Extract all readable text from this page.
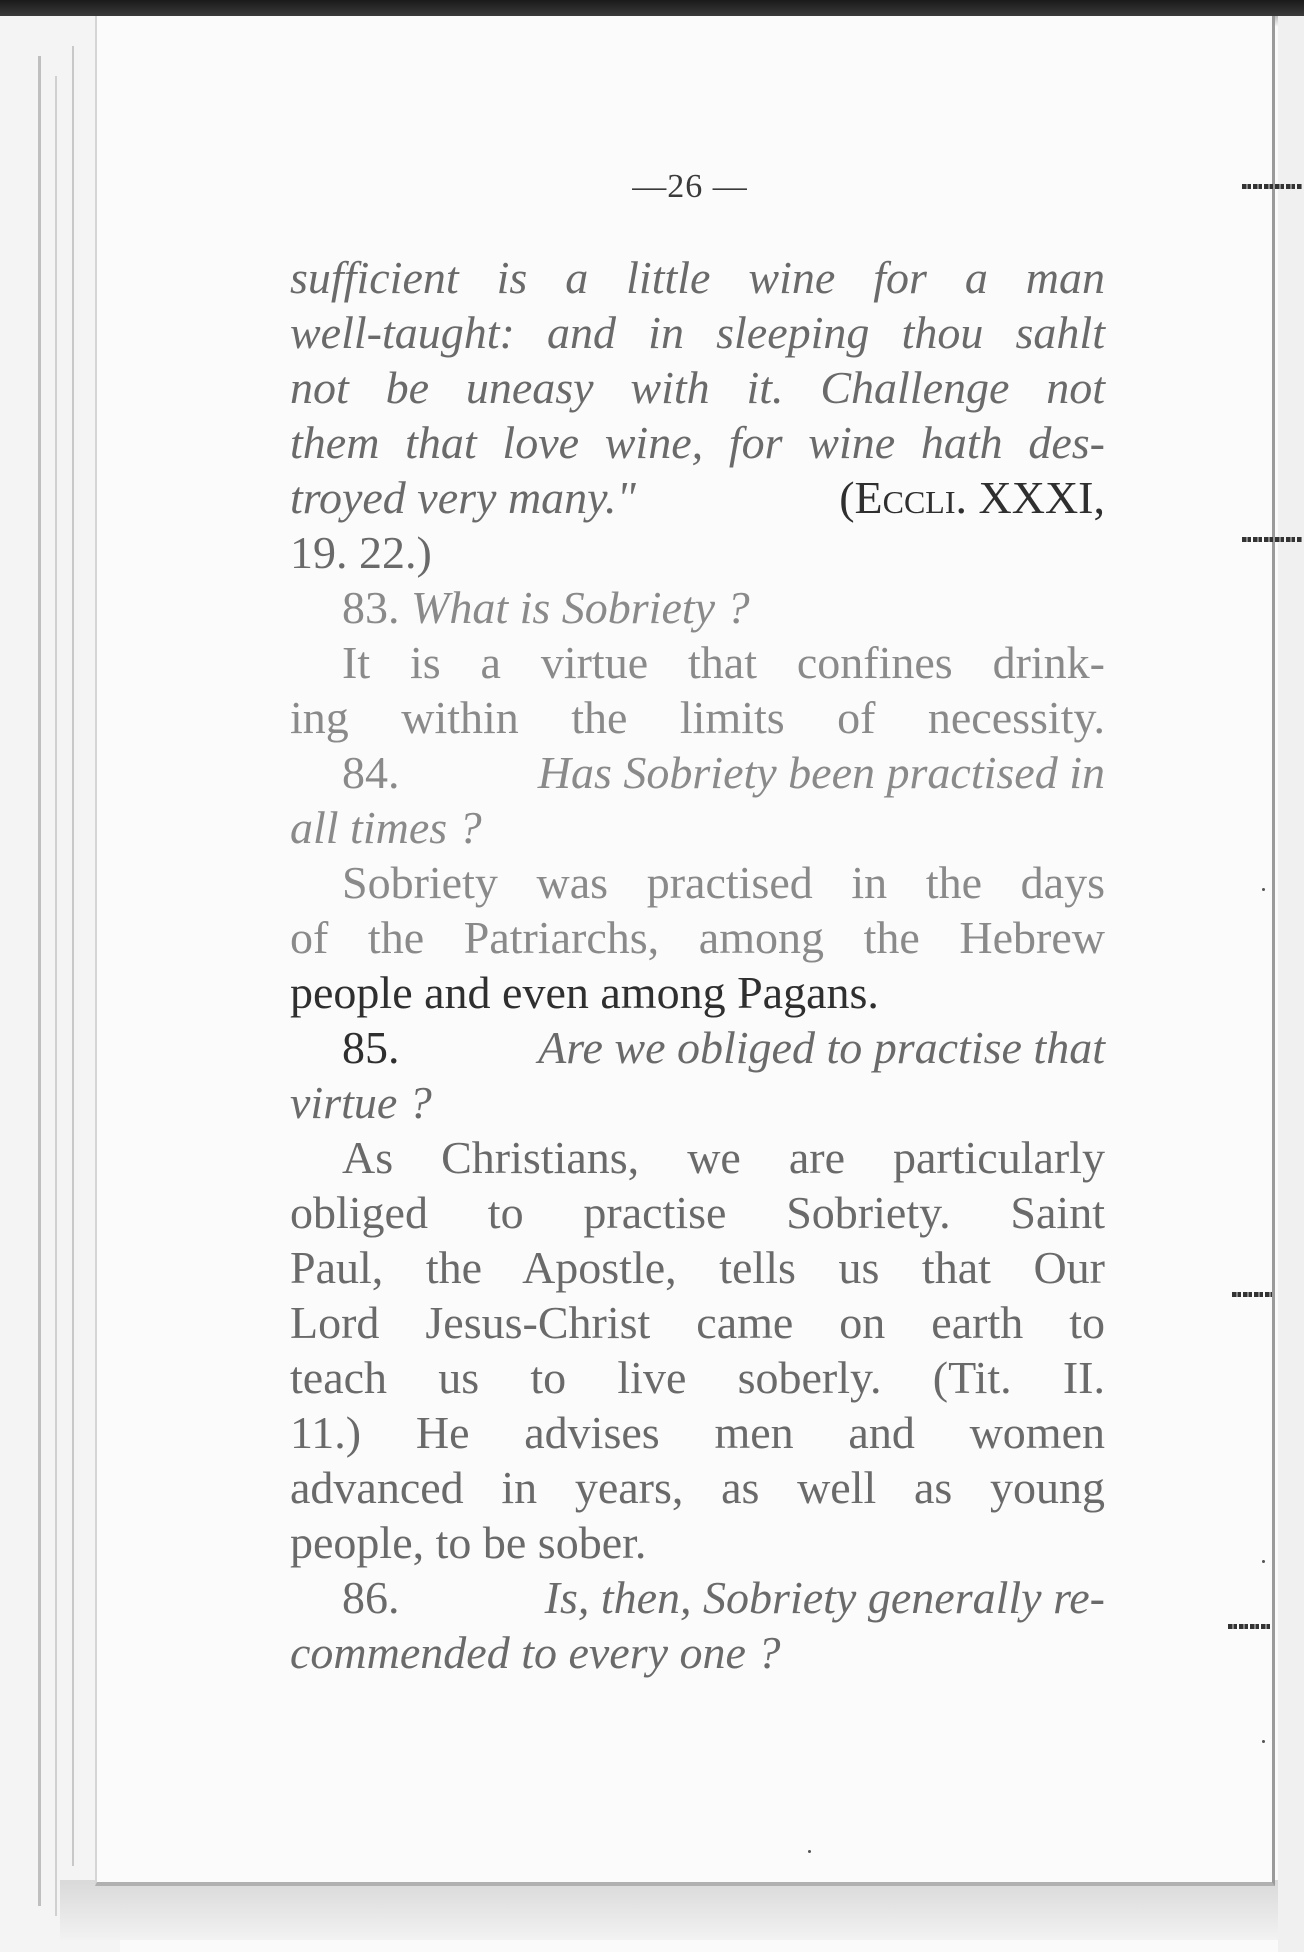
—26 —
sufficient is a little wine for a man
well-taught: and in sleeping thou sahlt
not be uneasy with it. Challenge not
them that love wine, for wine hath des-
troyed very many."	(Eccli. XXXI,
19. 22.)
83. What is Sobriety ?
It is a virtue that confines drink-
ing within the limits of necessity.
84.	Has Sobriety been practised in
all times ?
Sobriety was practised in the days
of the Patriarchs, among the Hebrew
people and even among Pagans.
85.	Are we obliged to practise that
virtue ?
As Christians, we are particularly
obliged to practise Sobriety. Saint
Paul, the Apostle, tells us that Our
Lord Jesus-Christ came on earth to
teach us to live soberly. (Tit. II.
11.) He advises men and women
advanced in years, as well as young
people, to be sober.
86.	Is, then, Sobriety generally re-
commended to every one ?
